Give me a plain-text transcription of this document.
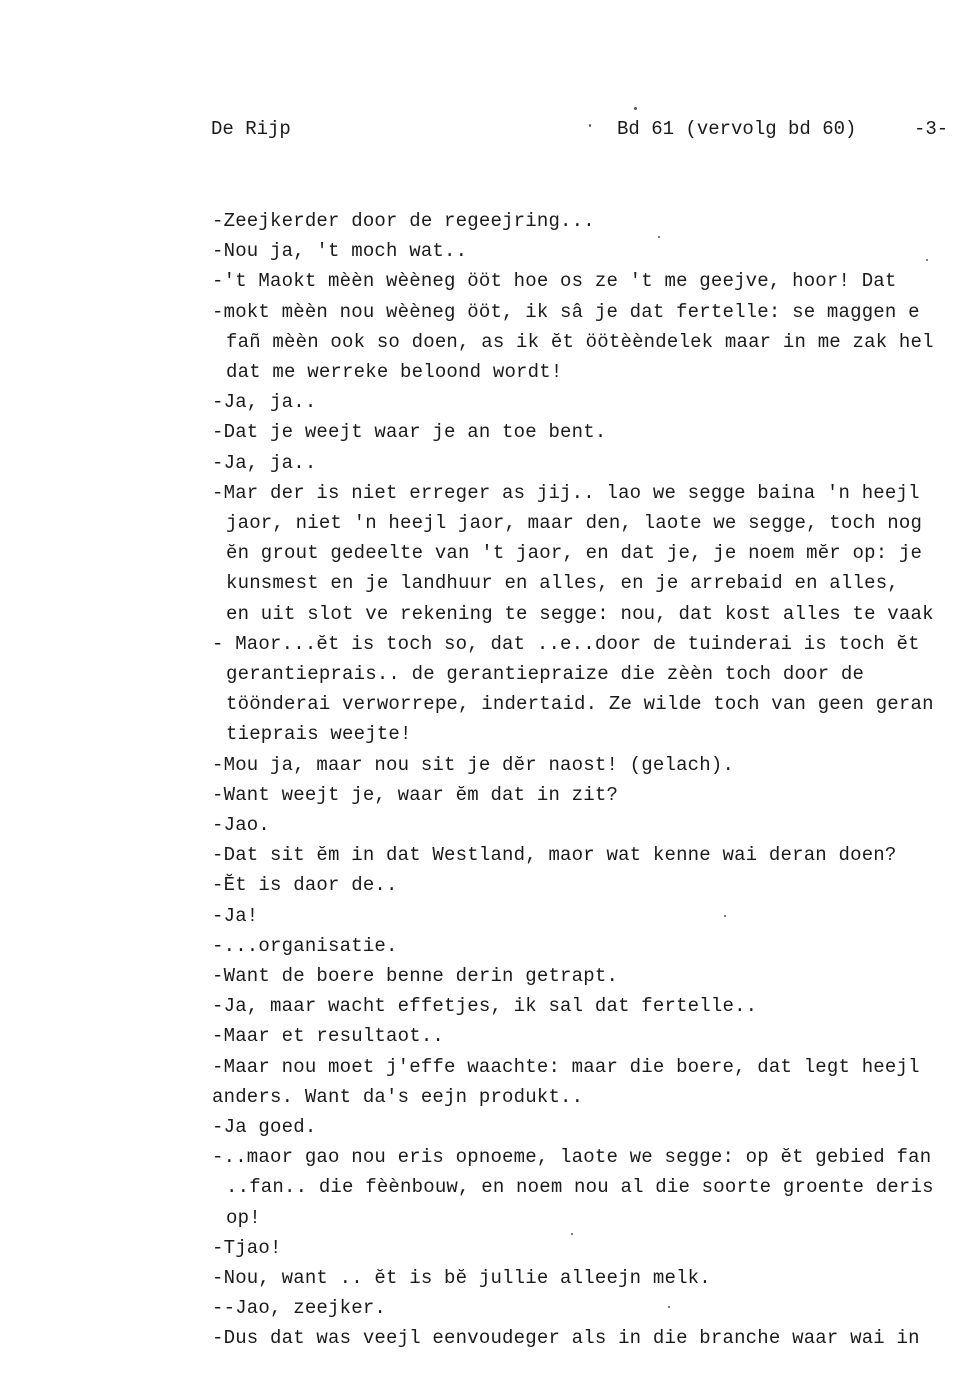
De Rijp	Bd 61 (vervolg bd 60)	-3-
-Zeejkerder door de regeejring...
-Nou ja, 't moch wat..
-'t Maokt mèèn wèèneg ööt hoe os ze 't me geejve, hoor! Dat
-mokt mèèn nou wèèneg ööt, ik sâ je dat fertelle: se maggen e
fañ mèèn ook so doen, as ik ĕt öötèèndelek maar in me zak hel
dat me werreke beloond wordt!
-Ja, ja..
-Dat je weejt waar je an toe bent.
-Ja, ja..
-Mar der is niet erreger as jij.. lao we segge baina 'n heejl
jaor, niet 'n heejl jaor, maar den, laote we segge, toch nog
ĕn grout gedeelte van 't jaor, en dat je, je noem mĕr op: je
kunsmest en je landhuur en alles, en je arrebaid en alles,
en uit slot ve rekening te segge: nou, dat kost alles te vaak
- Maor...ĕt is toch so, dat ..e..door de tuinderai is toch ĕt
gerantieprais.. de gerantiepraize die zèèn toch door de
töönderai verworrepe, indertaid. Ze wilde toch van geen geran
tieprais weejte!
-Mou ja, maar nou sit je dĕr naost! (gelach).
-Want weejt je, waar ĕm dat in zit?
-Jao.
-Dat sit ĕm in dat Westland, maor wat kenne wai deran doen?
-Ĕt is daor de..
-Ja!
-...organisatie.
-Want de boere benne derin getrapt.
-Ja, maar wacht effetjes, ik sal dat fertelle..
-Maar et resultaot..
-Maar nou moet j'effe waachte: maar die boere, dat legt heejl
anders. Want da's eejn produkt..
-Ja goed.
-..maor gao nou eris opnoeme, laote we segge: op ĕt gebied fan
..fan.. die fèènbouw, en noem nou al die soorte groente deris
op!
-Tjao!
-Nou, want .. ĕt is bĕ jullie alleejn melk.
--Jao, zeejker.
-Dus dat was veejl eenvoudeger als in die branche waar wai in
